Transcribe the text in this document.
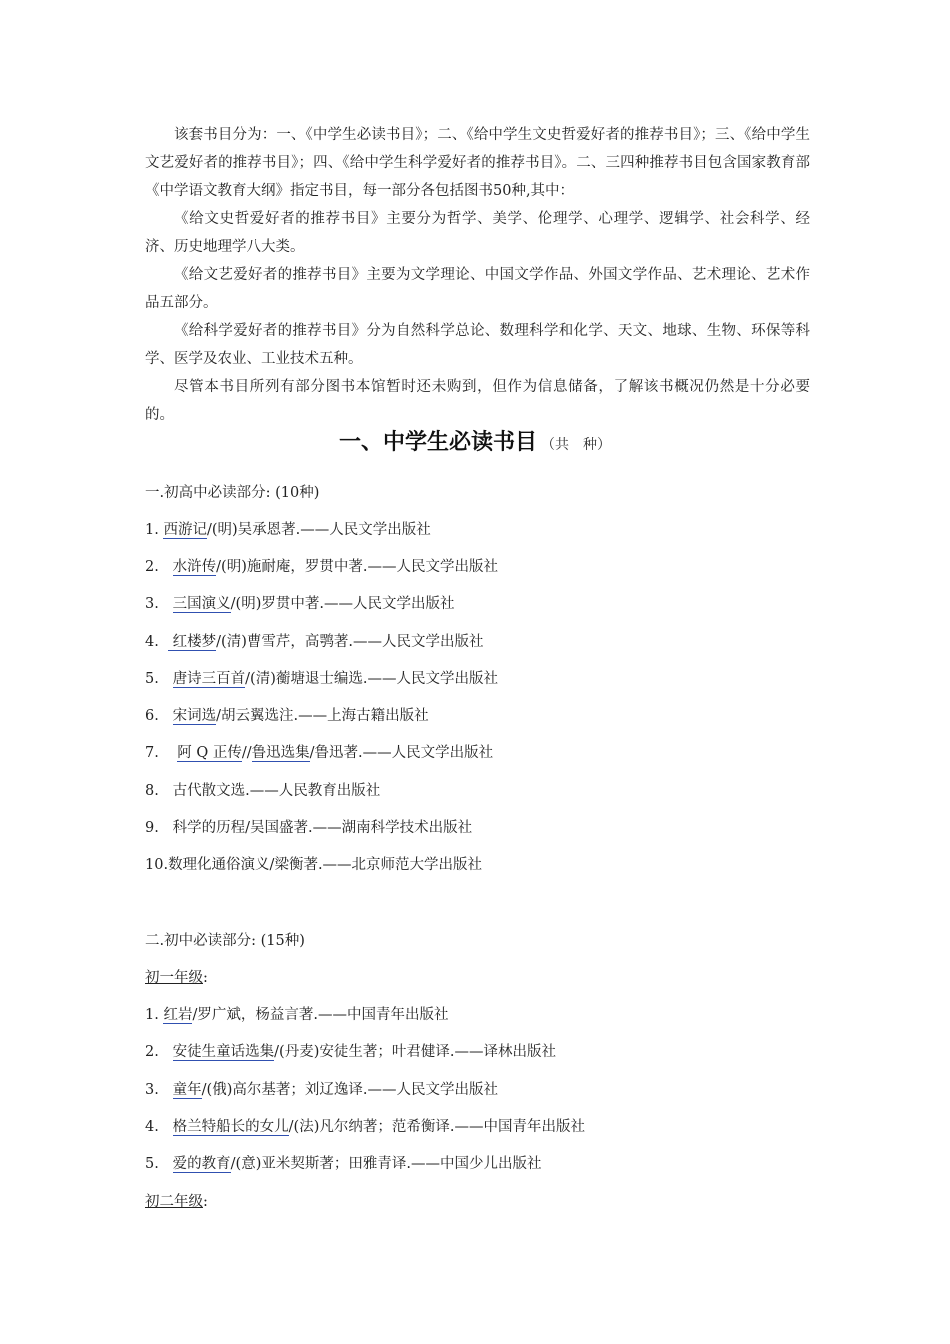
该套书目分为：一、《中学生必读书目》；二、《给中学生文史哲爱好者的推荐书目》；三、《给中学生文艺爱好者的推荐书目》；四、《给中学生科学爱好者的推荐书目》。二、三四种推荐书目包含国家教育部《中学语文教育大纲》指定书目，每一部分各包括图书50种,其中：

《给文史哲爱好者的推荐书目》主要分为哲学、美学、伦理学、心理学、逻辑学、社会科学、经济、历史地理学八大类。

《给文艺爱好者的推荐书目》主要为文学理论、中国文学作品、外国文学作品、艺术理论、艺术作品五部分。

《给科学爱好者的推荐书目》分为自然科学总论、数理科学和化学、天文、地球、生物、环保等科学、医学及农业、工业技术五种。

尽管本书目所列有部分图书本馆暂时还未购到，但作为信息储备，了解该书概况仍然是十分必要的。

一、中学生必读书目 （共　种）

一.初高中必读部分: (10种)

1. 西游记/(明)吴承恩著.——人民文学出版社

2.   水浒传/(明)施耐庵，罗贯中著.——人民文学出版社

3.   三国演义/(明)罗贯中著.——人民文学出版社

4.   红楼梦/(清)曹雪芹，高鹗著.——人民文学出版社

5.   唐诗三百首/(清)蘅塘退士编选.——人民文学出版社

6.   宋词选/胡云翼选注.——上海古籍出版社

7.    阿 Q 正传//鲁迅选集/鲁迅著.——人民文学出版社

8.   古代散文选.——人民教育出版社

9.   科学的历程/吴国盛著.——湖南科学技术出版社

10.数理化通俗演义/梁衡著.——北京师范大学出版社

二.初中必读部分: (15种)

初一年级:

1. 红岩/罗广斌，杨益言著.——中国青年出版社

2.   安徒生童话选集/(丹麦)安徒生著；叶君健译.——译林出版社

3.   童年/(俄)高尔基著；刘辽逸译.——人民文学出版社

4.   格兰特船长的女儿/(法)凡尔纳著；范希衡译.——中国青年出版社

5.   爱的教育/(意)亚米契斯著；田雅青译.——中国少儿出版社

初二年级:
